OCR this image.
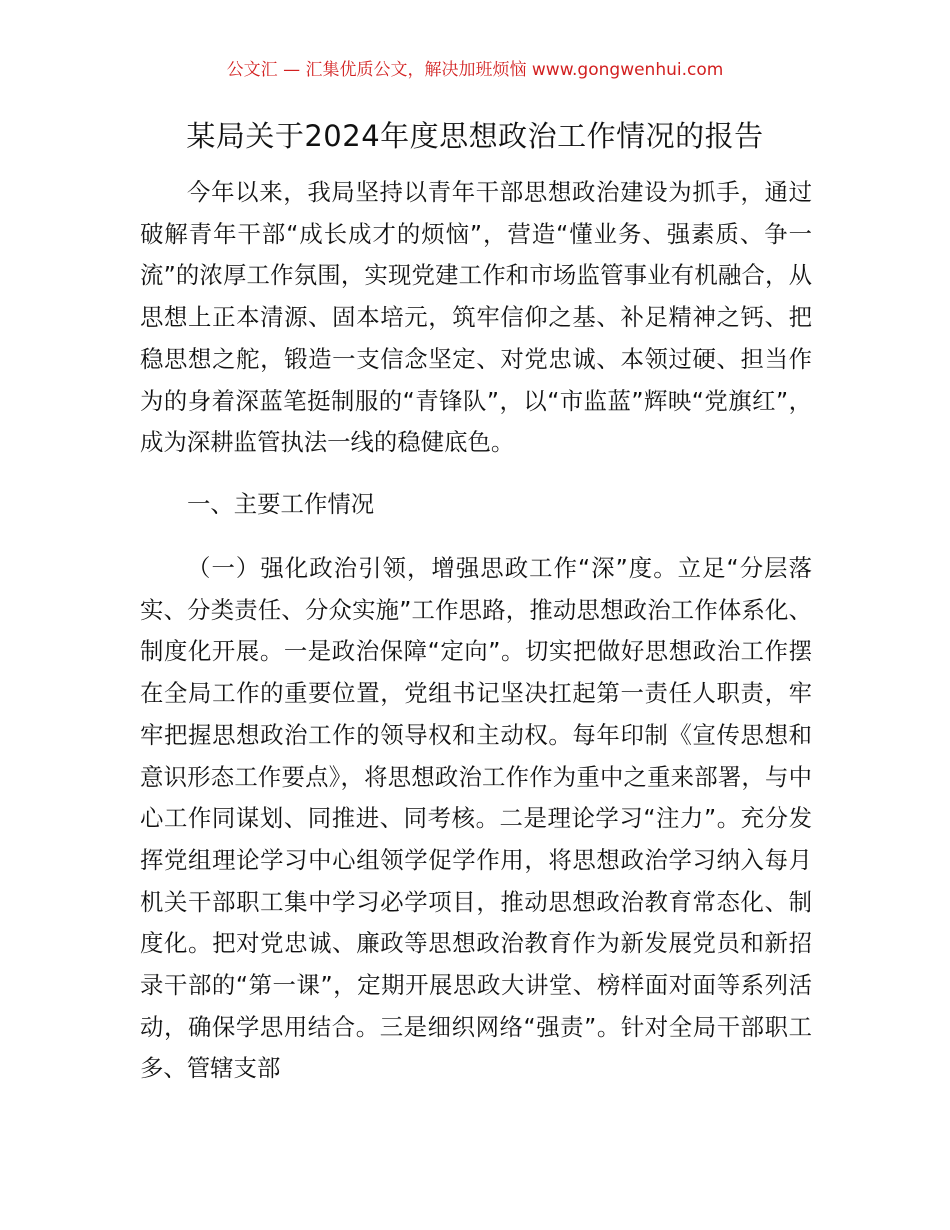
公文汇 — 汇集优质公文，解决加班烦恼 www.gongwenhui.com
某局关于2024年度思想政治工作情况的报告

今年以来，我局坚持以青年干部思想政治建设为抓手，通过破解青年干部“成长成才的烦恼”，营造“懂业务、强素质、争一流”的浓厚工作氛围，实现党建工作和市场监管事业有机融合，从思想上正本清源、固本培元，筑牢信仰之基、补足精神之钙、把稳思想之舵，锻造一支信念坚定、对党忠诚、本领过硬、担当作为的身着深蓝笔挺制服的“青锋队”，以“市监蓝”辉映“党旗红”，成为深耕监管执法一线的稳健底色。

一、主要工作情况

（一）强化政治引领，增强思政工作“深”度。立足“分层落实、分类责任、分众实施”工作思路，推动思想政治工作体系化、制度化开展。一是政治保障“定向”。切实把做好思想政治工作摆在全局工作的重要位置，党组书记坚决扛起第一责任人职责，牢牢把握思想政治工作的领导权和主动权。每年印制《宣传思想和意识形态工作要点》，将思想政治工作作为重中之重来部署，与中心工作同谋划、同推进、同考核。二是理论学习“注力”。充分发挥党组理论学习中心组领学促学作用，将思想政治学习纳入每月机关干部职工集中学习必学项目，推动思想政治教育常态化、制度化。把对党忠诚、廉政等思想政治教育作为新发展党员和新招录干部的“第一课”，定期开展思政大讲堂、榜样面对面等系列活动，确保学思用结合。三是细织网络“强责”。针对全局干部职工多、管辖支部
